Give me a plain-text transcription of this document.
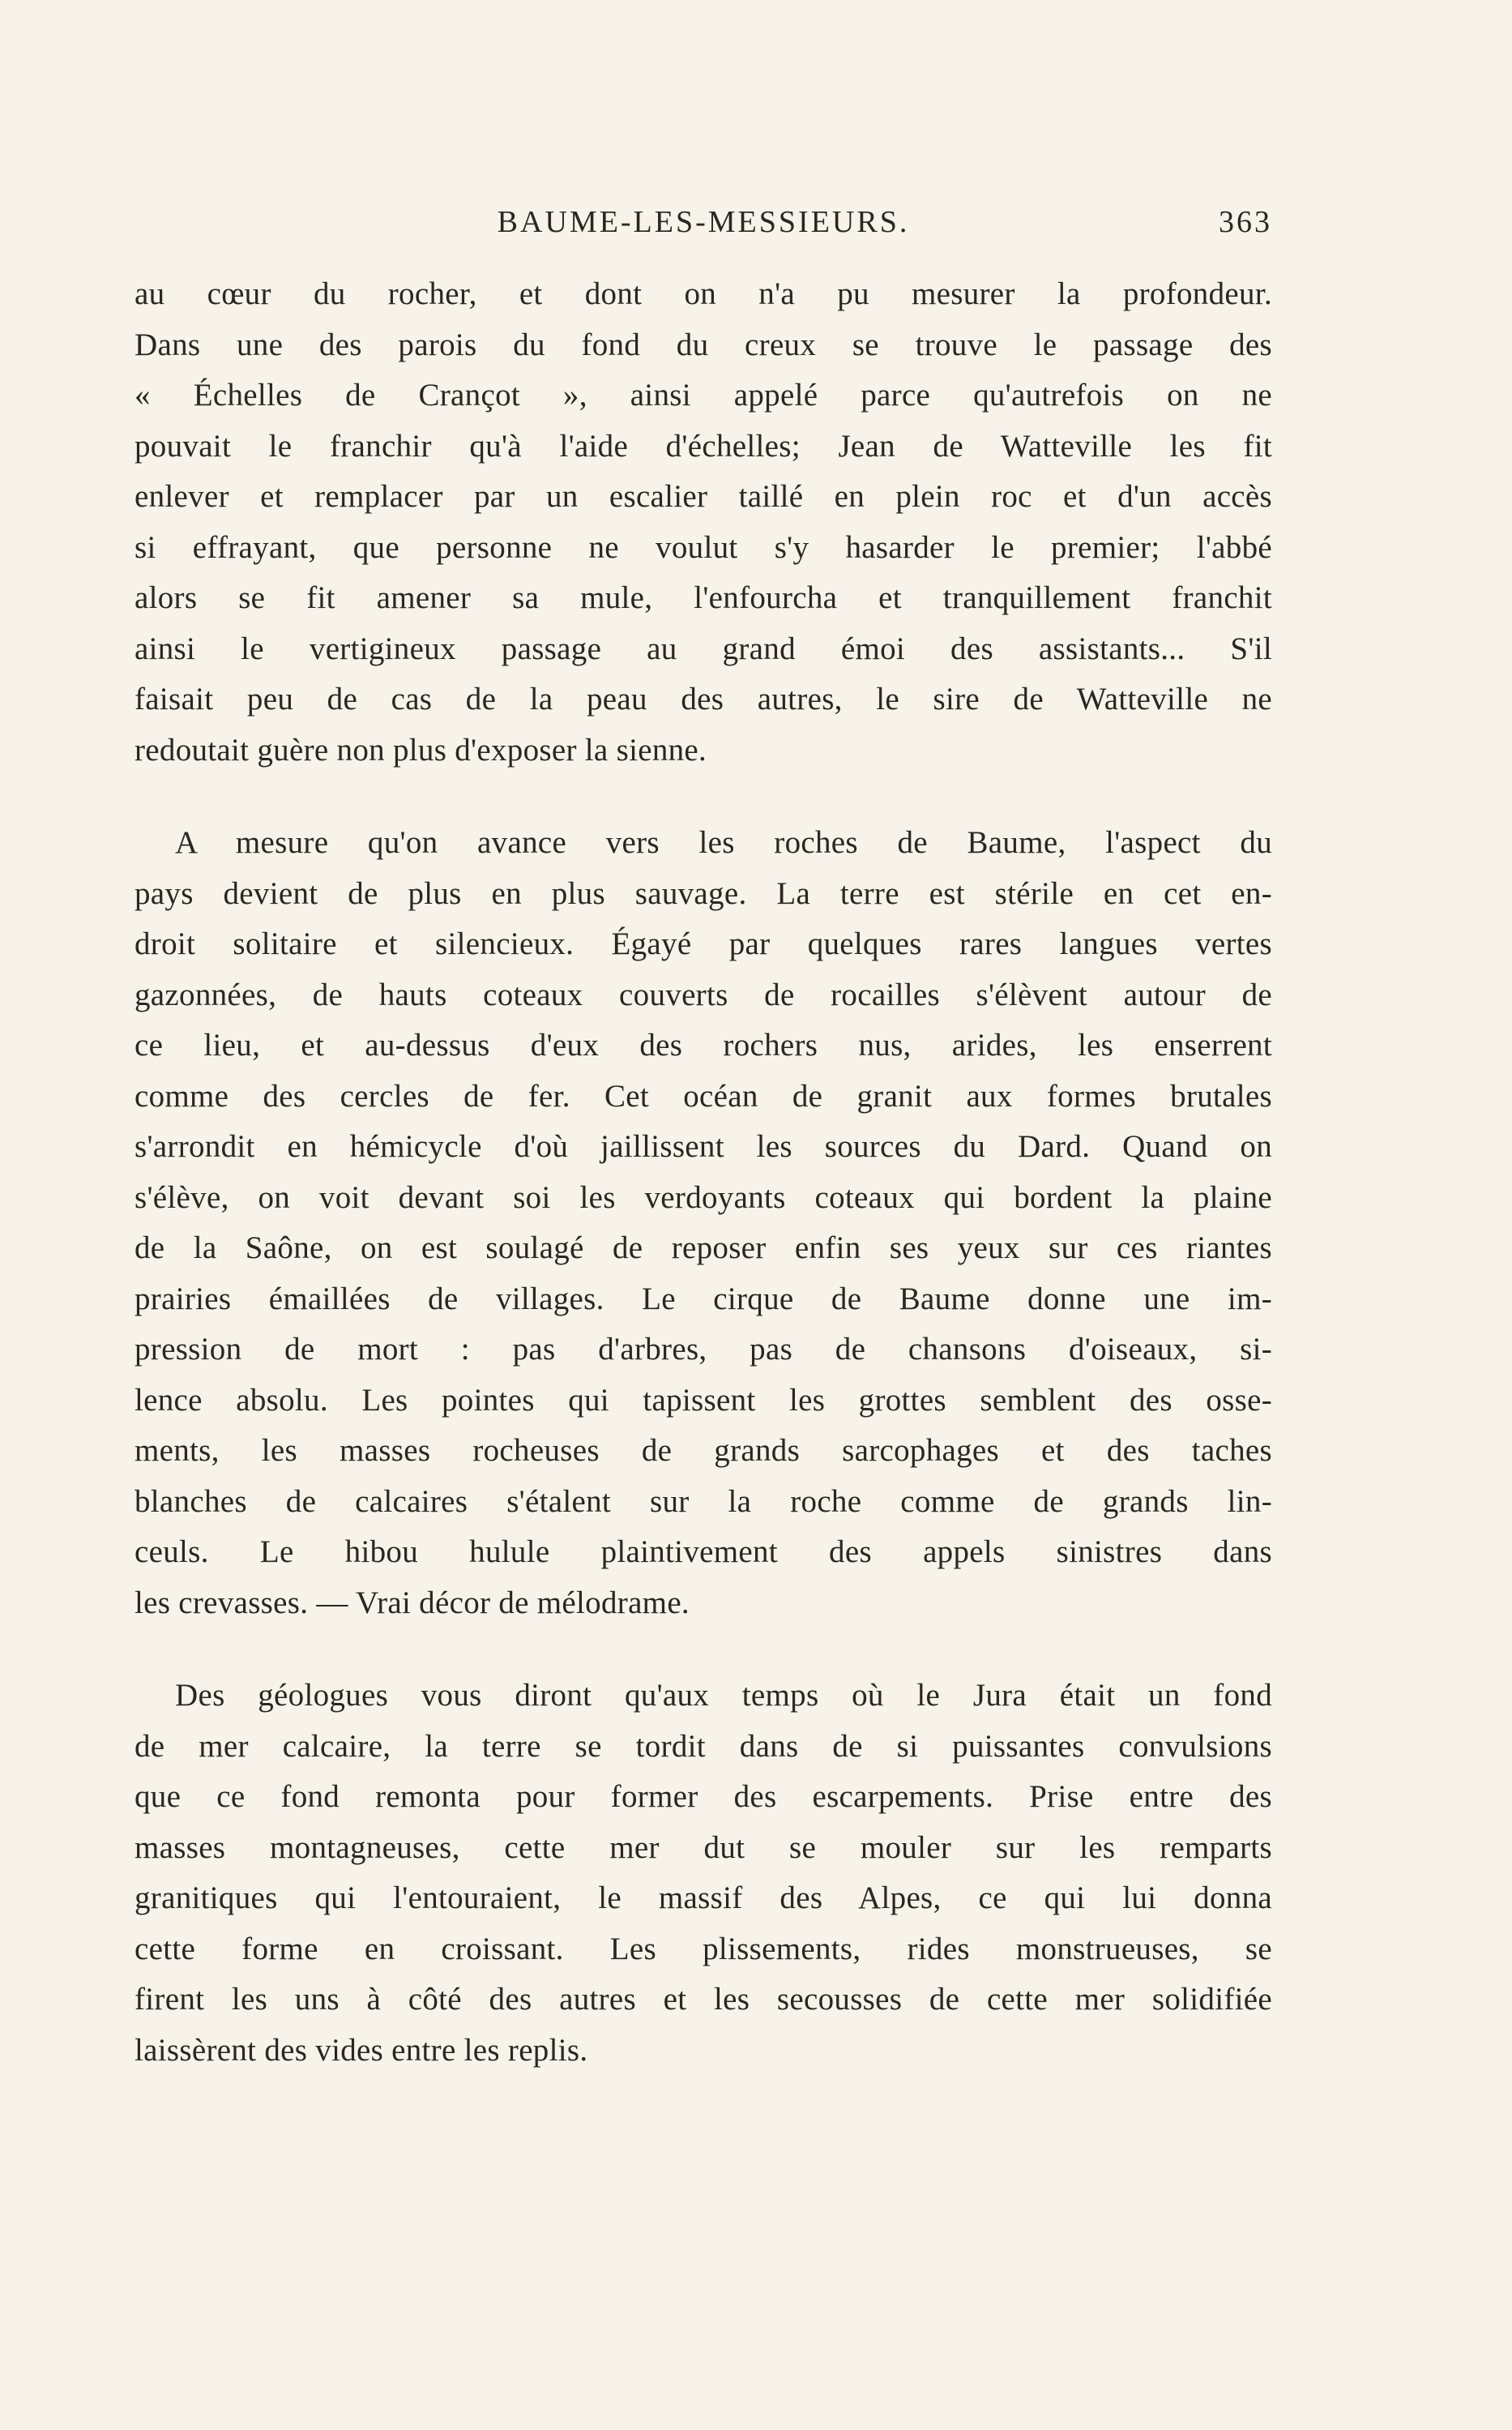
BAUME-LES-MESSIEURS.	363
au cœur du rocher, et dont on n'a pu mesurer la profondeur.
Dans une des parois du fond du creux se trouve le passage des
« Échelles de Crançot », ainsi appelé parce qu'autrefois on ne
pouvait le franchir qu'à l'aide d'échelles; Jean de Watteville les fit
enlever et remplacer par un escalier taillé en plein roc et d'un accès
si effrayant, que personne ne voulut s'y hasarder le premier; l'abbé
alors se fit amener sa mule, l'enfourcha et tranquillement franchit
ainsi le vertigineux passage au grand émoi des assistants... S'il
faisait peu de cas de la peau des autres, le sire de Watteville ne
redoutait guère non plus d'exposer la sienne.
A mesure qu'on avance vers les roches de Baume, l'aspect du
pays devient de plus en plus sauvage. La terre est stérile en cet en-
droit solitaire et silencieux. Égayé par quelques rares langues vertes
gazonnées, de hauts coteaux couverts de rocailles s'élèvent autour de
ce lieu, et au-dessus d'eux des rochers nus, arides, les enserrent
comme des cercles de fer. Cet océan de granit aux formes brutales
s'arrondit en hémicycle d'où jaillissent les sources du Dard. Quand on
s'élève, on voit devant soi les verdoyants coteaux qui bordent la plaine
de la Saône, on est soulagé de reposer enfin ses yeux sur ces riantes
prairies émaillées de villages. Le cirque de Baume donne une im-
pression de mort : pas d'arbres, pas de chansons d'oiseaux, si-
lence absolu. Les pointes qui tapissent les grottes semblent des osse-
ments, les masses rocheuses de grands sarcophages et des taches
blanches de calcaires s'étalent sur la roche comme de grands lin-
ceuls. Le hibou hululе plaintivement des appels sinistres dans
les crevasses. — Vrai décor de mélodrame.
Des géologues vous diront qu'aux temps où le Jura était un fond
de mer calcaire, la terre se tordit dans de si puissantes convulsions
que ce fond remonta pour former des escarpements. Prise entre des
masses montagneuses, cette mer dut se mouler sur les remparts
granitiques qui l'entouraient, le massif des Alpes, ce qui lui donna
cette forme en croissant. Les plissements, rides monstrueuses, se
firent les uns à côté des autres et les secousses de cette mer solidifiée
laissèrent des vides entre les replis.
